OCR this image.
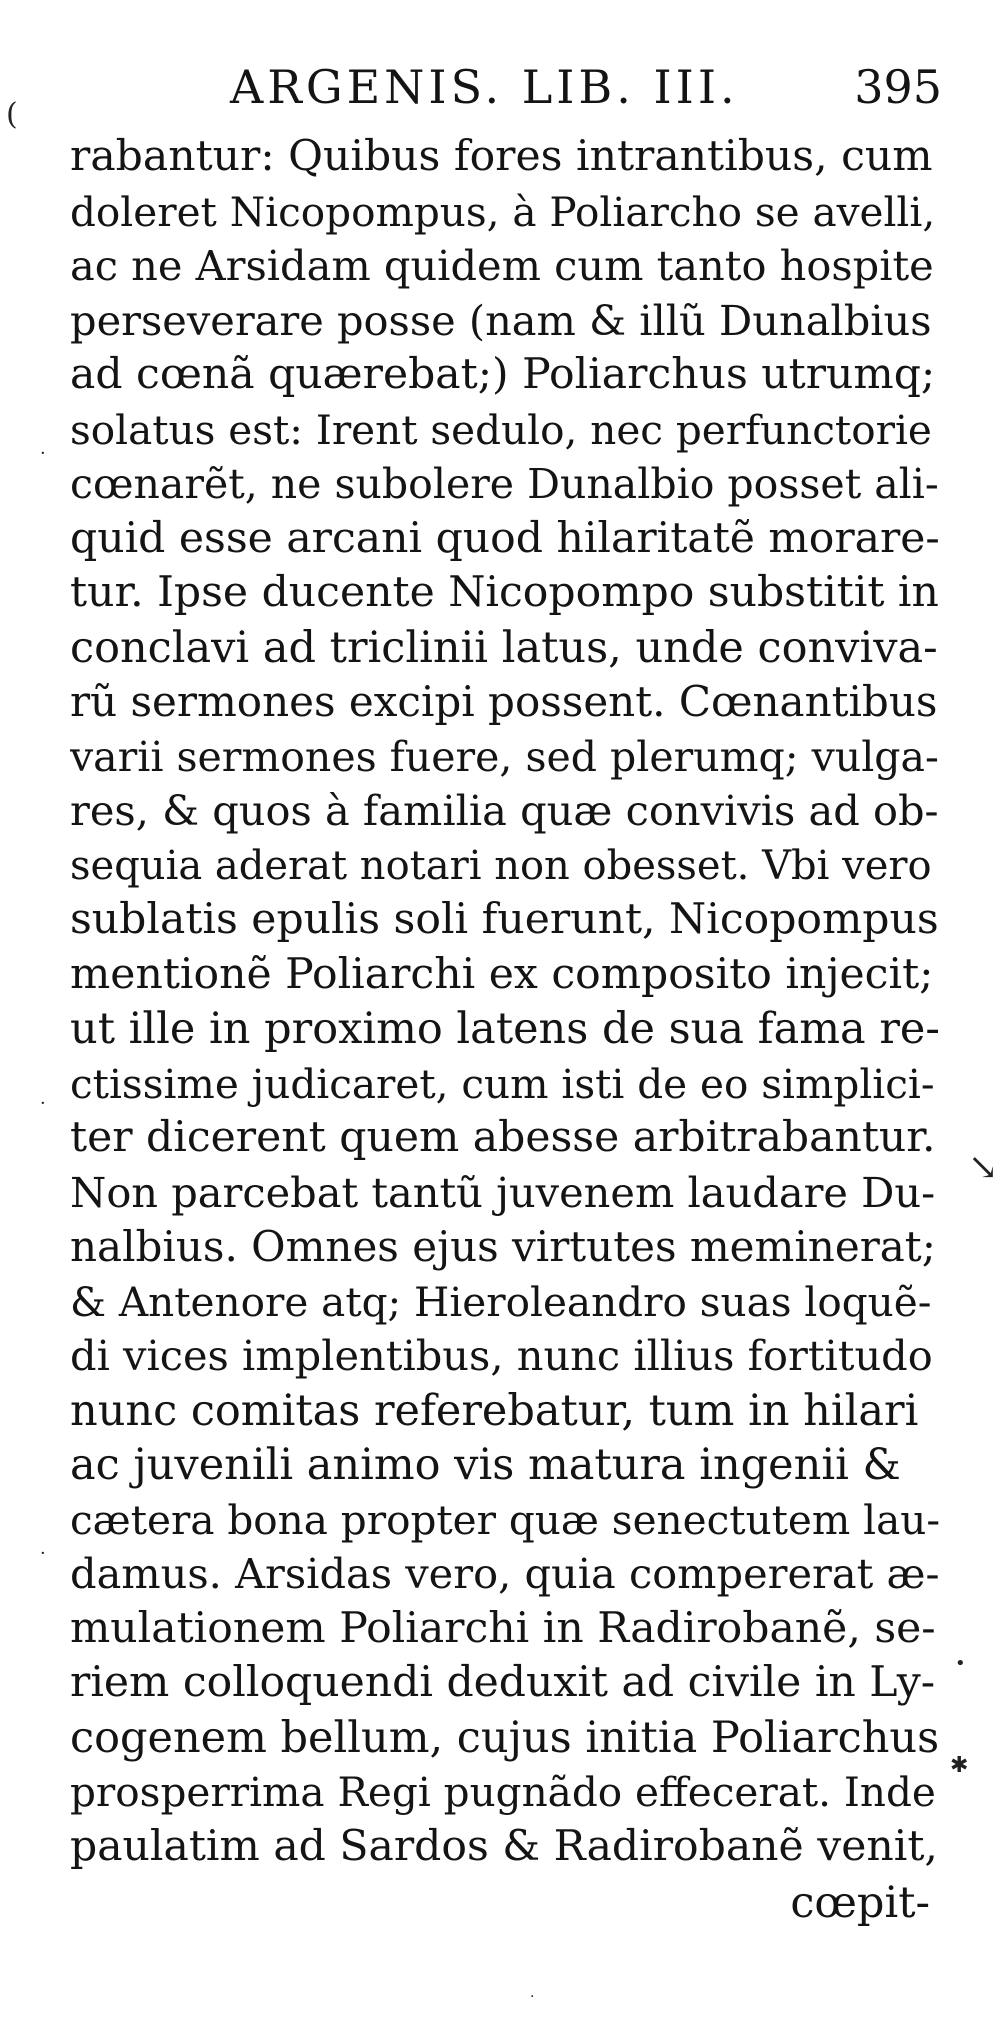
ARGENIS. LIB. III.	395
rabantur: Quibus fores intrantibus, cum
doleret Nicopompus, à Poliarcho se avelli,
ac ne Arsidam quidem cum tanto hospite
perseverare posse (nam & illũ Dunalbius
ad cœnã quærebat;) Poliarchus utrumq;
solatus est: Irent sedulo, nec perfunctorie
cœnarẽt, ne subolere Dunalbio posset ali-
quid esse arcani quod hilaritatẽ morare-
tur. Ipse ducente Nicopompo substitit in
conclavi ad triclinii latus, unde conviva-
rũ sermones excipi possent. Cœnantibus
varii sermones fuere, sed plerumq; vulga-
res, & quos à familia quæ convivis ad ob-
sequia aderat notari non obesset. Vbi vero
sublatis epulis soli fuerunt, Nicopompus
mentionẽ Poliarchi ex composito injecit;
ut ille in proximo latens de sua fama re-
ctissime judicaret, cum isti de eo simplici-
ter dicerent quem abesse arbitrabantur.
Non parcebat tantũ juvenem laudare Du-
nalbius. Omnes ejus virtutes meminerat;
& Antenore atq; Hieroleandro suas loquẽ-
di vices implentibus, nunc illius fortitudo
nunc comitas referebatur, tum in hilari
ac juvenili animo vis matura ingenii &
cætera bona propter quæ senectutem lau-
damus. Arsidas vero, quia compererat æ-
mulationem Poliarchi in Radirobanẽ, se-
riem colloquendi deduxit ad civile in Ly-
cogenem bellum, cujus initia Poliarchus
prosperrima Regi pugnãdo effecerat. Inde
paulatim ad Sardos & Radirobanẽ venit,
cœpit-
(
↘
•
✱
·
·
·
·
